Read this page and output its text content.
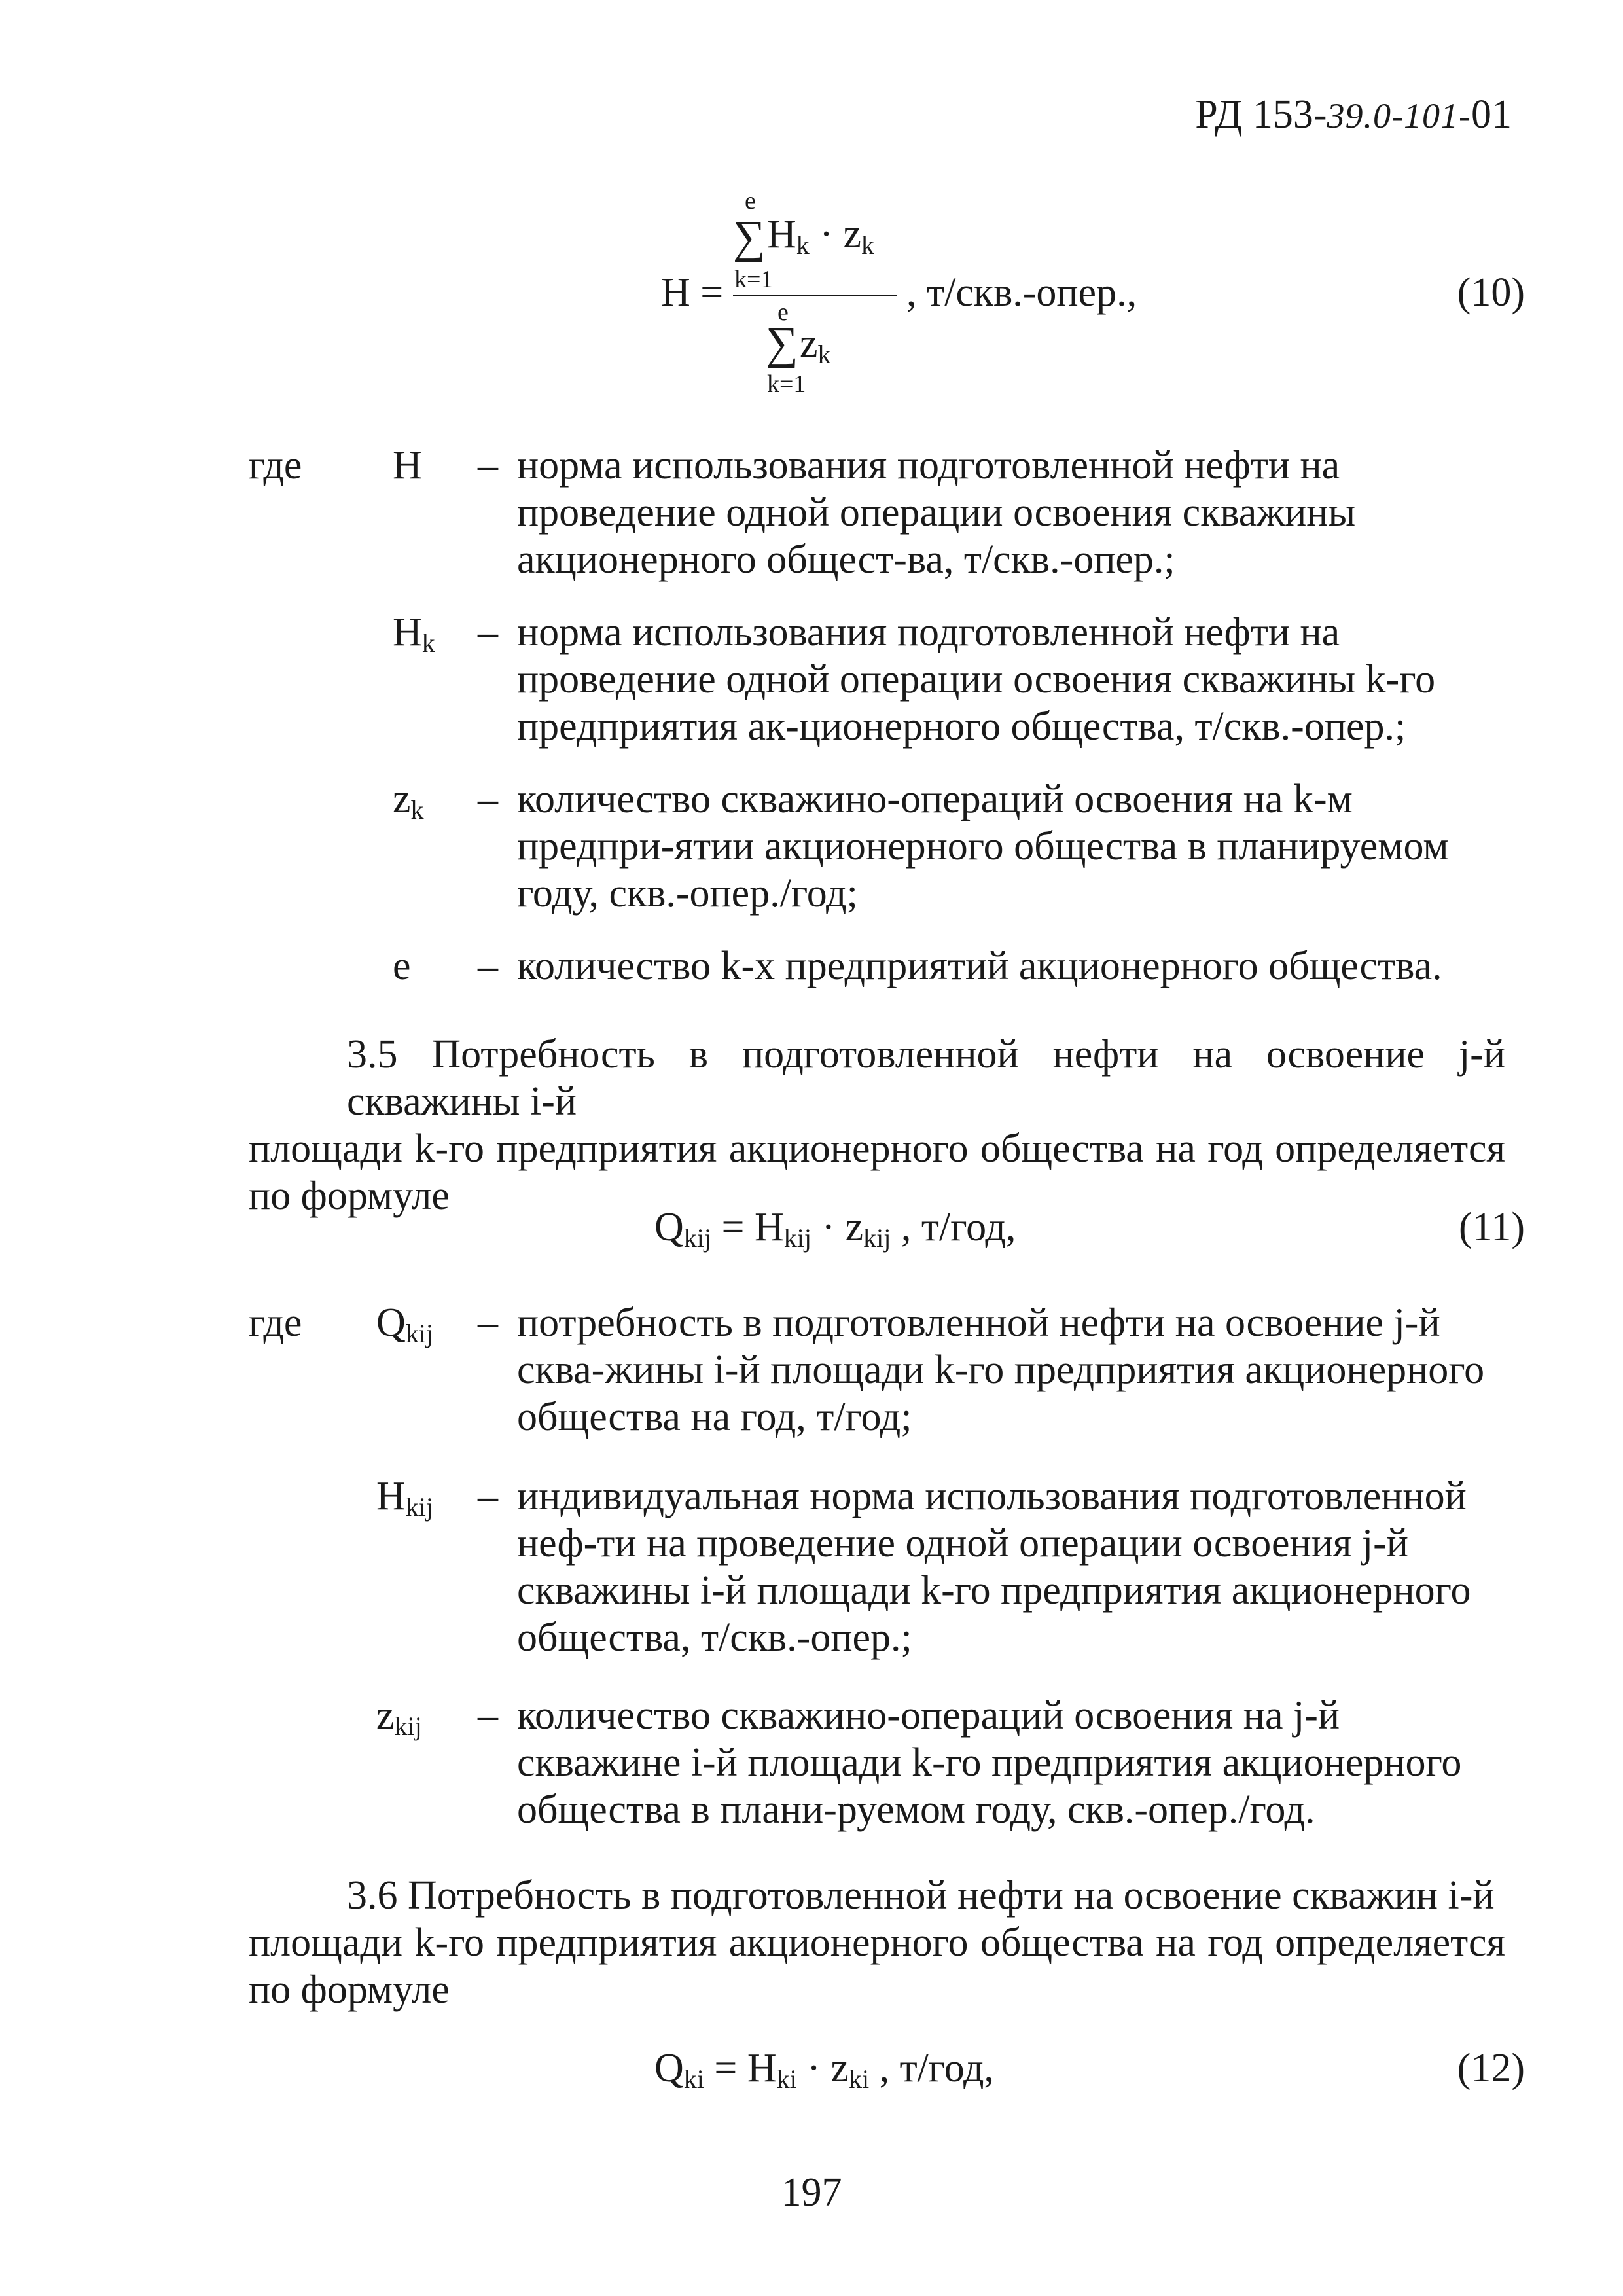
РД 153-39.0-101-01
H =
e
∑ $H_k \cdot z_k$
k=1
e
∑ $z_k$
k=1
, т/скв.-опер.,	(10)
где H – норма использования подготовленной нефти на проведение одной операции освоения скважины акционерного общест-ва, т/скв.-опер.;
$H_k$ – норма использования подготовленной нефти на проведение одной операции освоения скважины k-го предприятия ак-ционерного общества, т/скв.-опер.;
$z_k$ – количество скважино-операций освоения на k-м предпри-ятии акционерного общества в планируемом году, скв.-опер./год;
e – количество k-х предприятий акционерного общества.
3.5 Потребность в подготовленной нефти на освоение j-й скважины i-й
площади k-го предприятия акционерного общества на год определяется по формуле
$Q_{kij} = H_{kij} \cdot z_{kij}$ , т/год,	(11)
где $Q_{kij}$ – потребность в подготовленной нефти на освоение j-й сква-жины i-й площади k-го предприятия акционерного общества на год, т/год;
$H_{kij}$ – индивидуальная норма использования подготовленной неф-ти на проведение одной операции освоения j-й скважины i-й площади k-го предприятия акционерного общества, т/скв.-опер.;
$z_{kij}$ – количество скважино-операций освоения на j-й скважине i-й площади k-го предприятия акционерного общества в плани-руемом году, скв.-опер./год.
3.6 Потребность в подготовленной нефти на освоение скважин i-й
площади k-го предприятия акционерного общества на год определяется по формуле
$Q_{ki} = H_{ki} \cdot z_{ki}$ , т/год,	(12)
197
